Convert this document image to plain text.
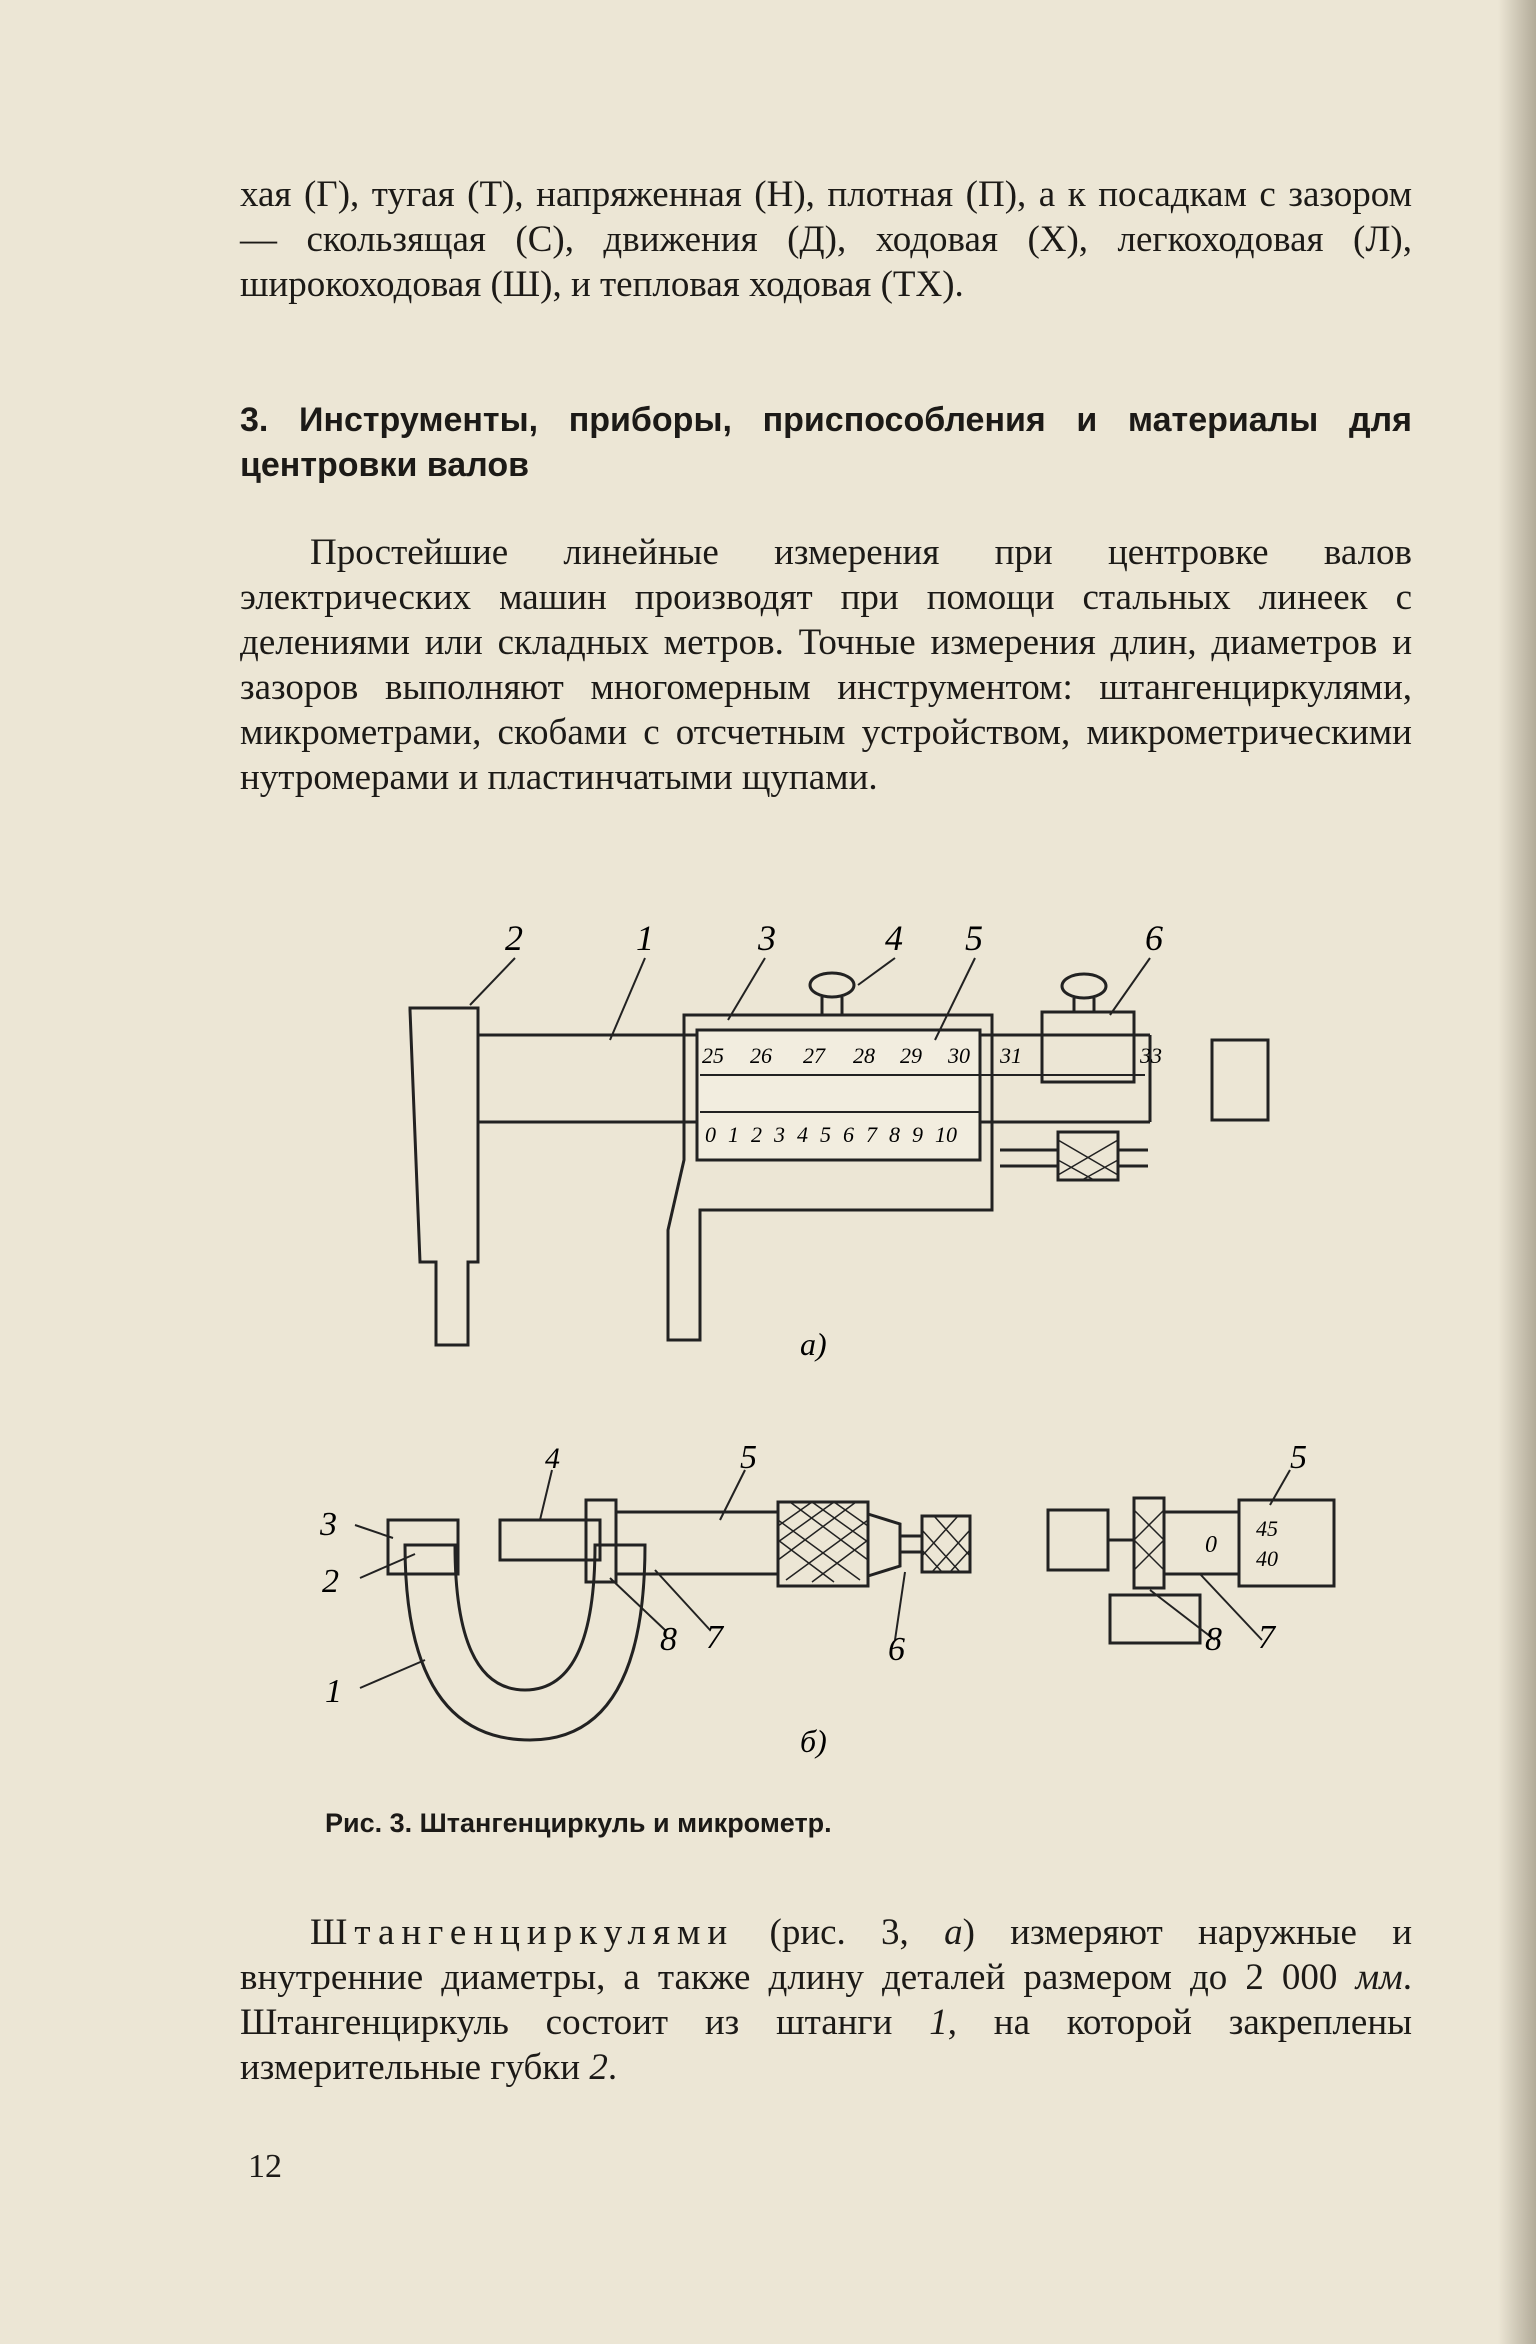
хая (Г), тугая (Т), напряженная (Н), плотная (П), а к посадкам с зазором — скользящая (С), движения (Д), ходовая (Х), легкоходовая (Л), широкоходовая (Ш), и тепловая ходовая (ТХ).

3. Инструменты, приборы, приспособления и материалы для центровки валов

Простейшие линейные измерения при центровке валов электрических машин производят при помощи стальных линеек с делениями или складных метров. Точные измерения длин, диаметров и зазоров выполняют многомерным инструментом: штангенциркулями, микрометрами, скобами с отсчетным устройством, микрометрическими нутромерами и пластинчатыми щупами.

2	1	3	4 5	6
25 26 27 28 29 30 31	33
0 1 2 3 4 5 6 7 8 9 10
а)
3
2
1
4	5
8 7	6
5
8 7
45
40
0
б)
Рис. 3. Штангенциркуль и микрометр.

Штангенциркулями (рис. 3, а) измеряют наружные и внутренние диаметры, а также длину деталей размером до 2 000 мм. Штангенциркуль состоит из штанги 1, на которой закреплены измерительные губки 2.

12
